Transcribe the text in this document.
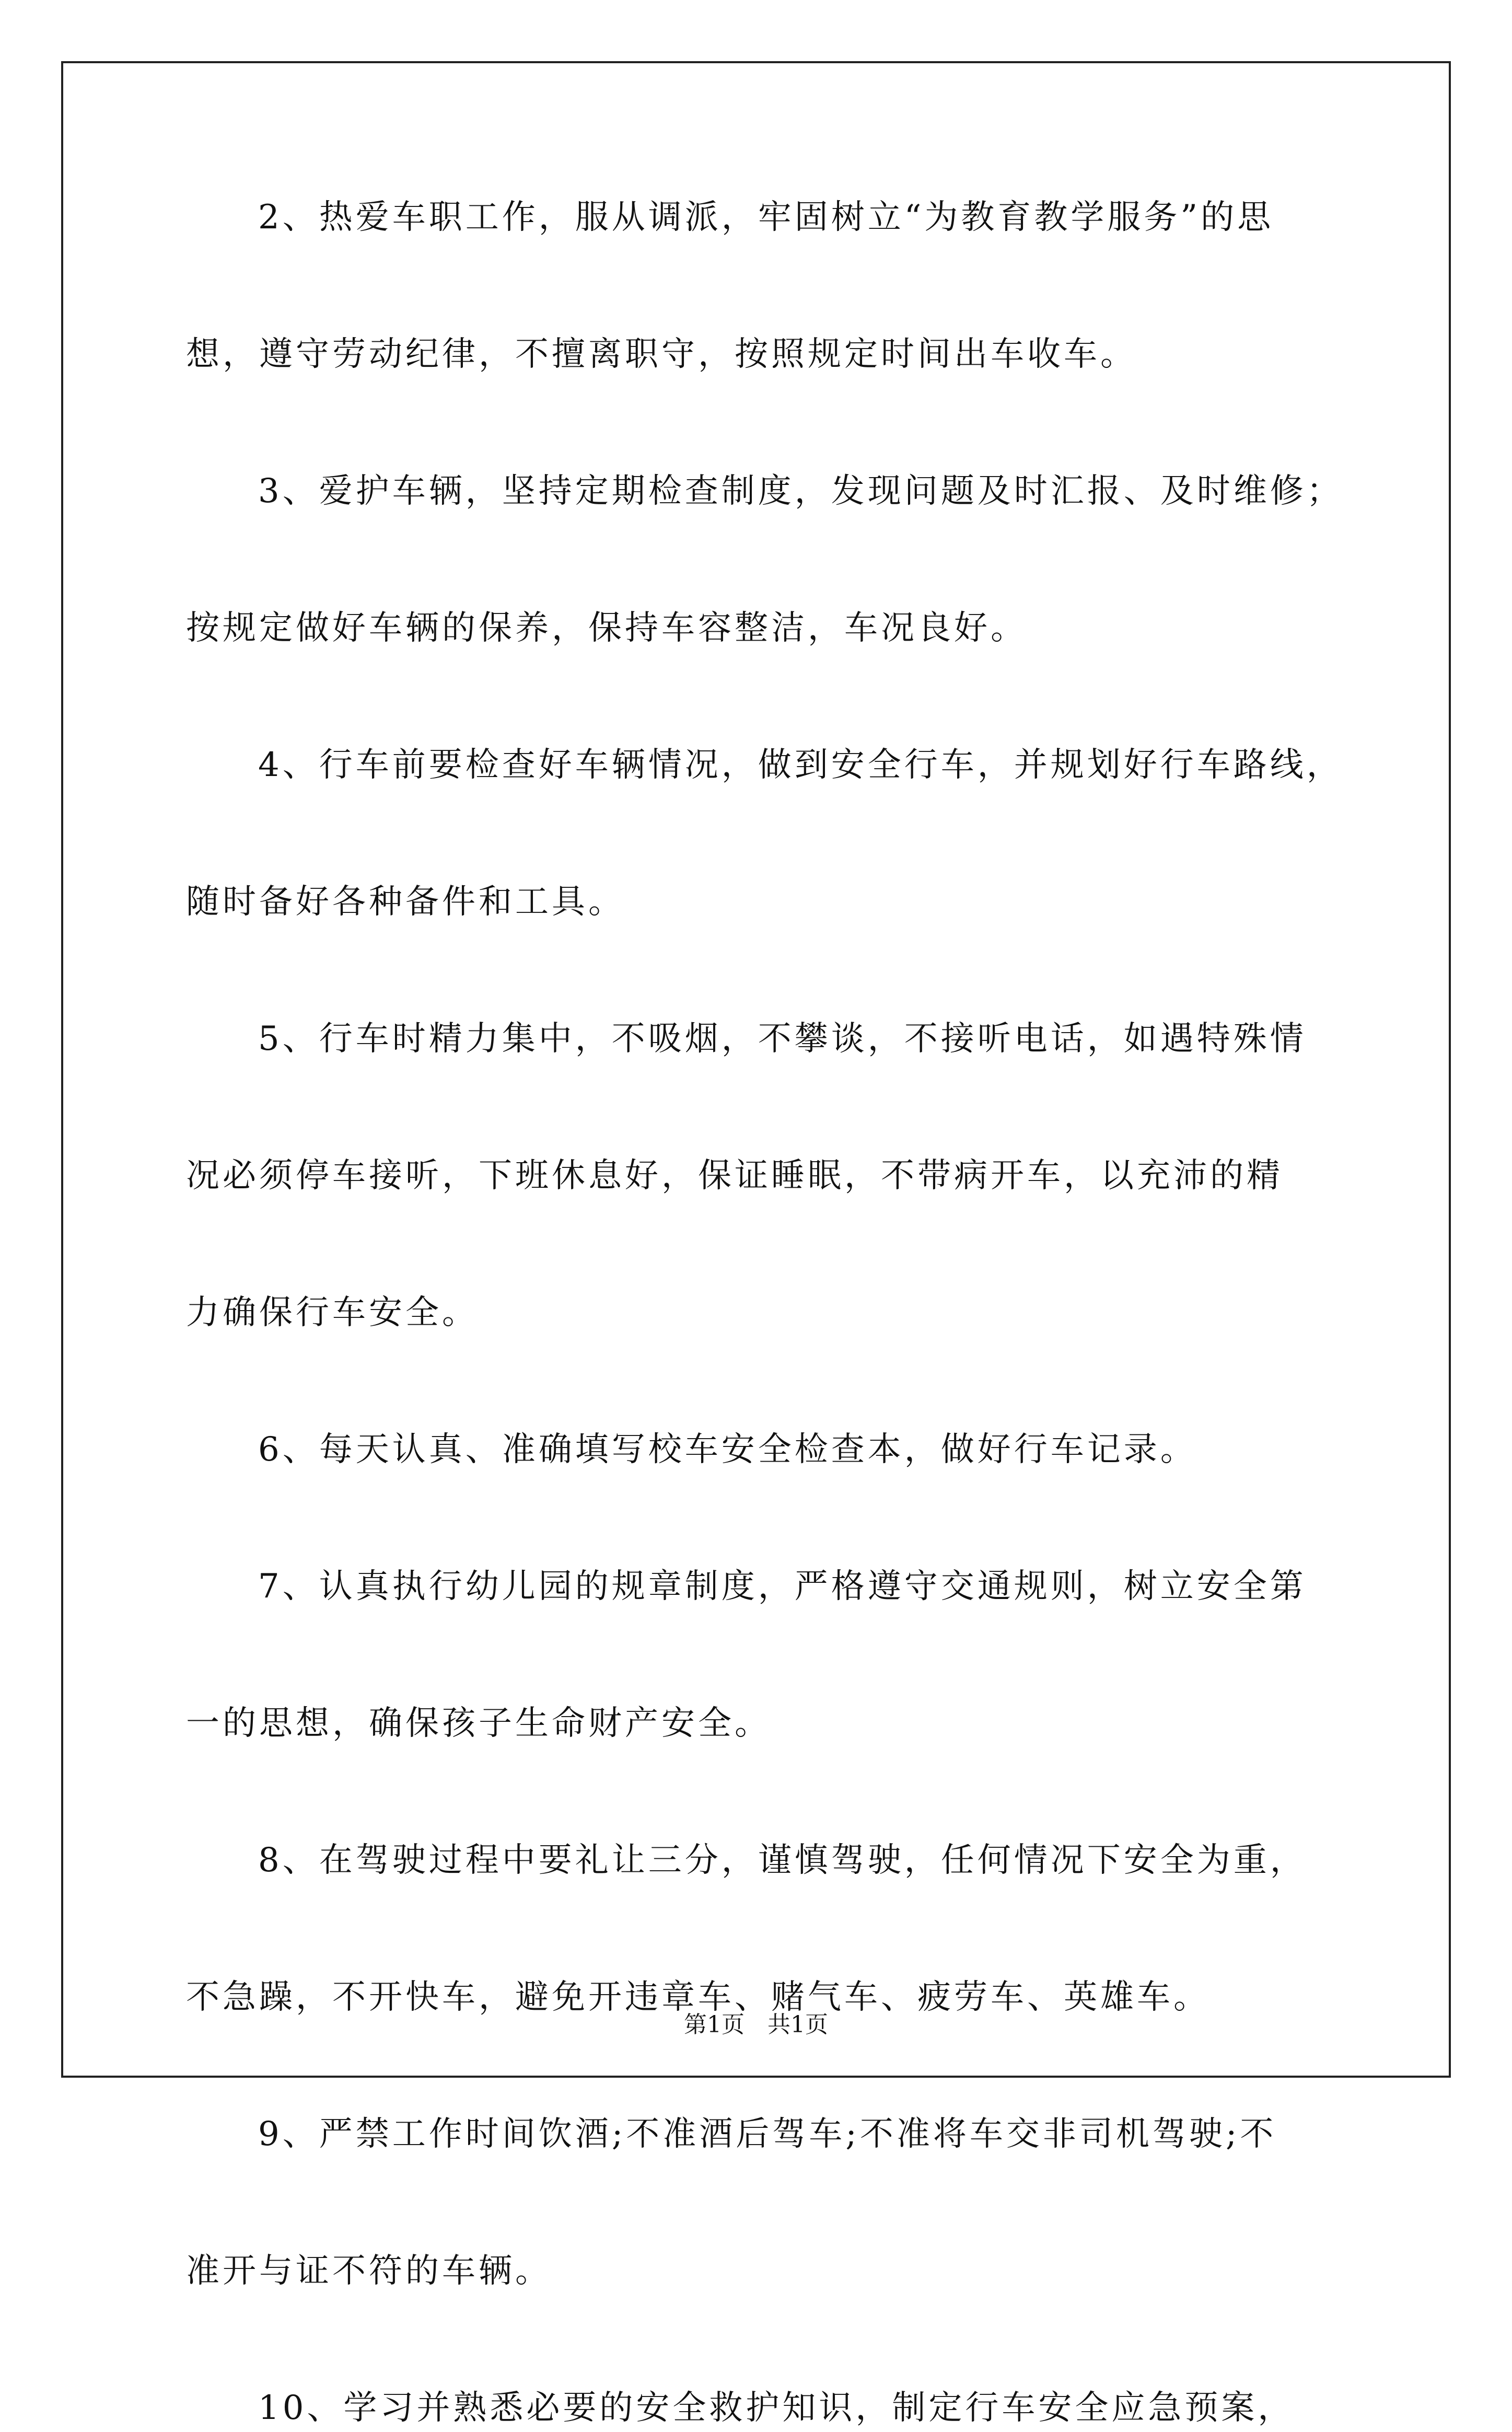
2、热爱车职工作，服从调派，牢固树立“为教育教学服务”的思
想，遵守劳动纪律，不擅离职守，按照规定时间出车收车。
3、爱护车辆，坚持定期检查制度，发现问题及时汇报、及时维修；
按规定做好车辆的保养，保持车容整洁，车况良好。
4、行车前要检查好车辆情况，做到安全行车，并规划好行车路线，
随时备好各种备件和工具。
5、行车时精力集中，不吸烟，不攀谈，不接听电话，如遇特殊情
况必须停车接听，下班休息好，保证睡眠，不带病开车，以充沛的精
力确保行车安全。
6、每天认真、准确填写校车安全检查本，做好行车记录。
7、认真执行幼儿园的规章制度，严格遵守交通规则，树立安全第
一的思想，确保孩子生命财产安全。
8、在驾驶过程中要礼让三分，谨慎驾驶，任何情况下安全为重，
不急躁，不开快车，避免开违章车、赌气车、疲劳车、英雄车。
9、严禁工作时间饮酒;不准酒后驾车;不准将车交非司机驾驶;不
准开与证不符的车辆。
10、学习并熟悉必要的安全救护知识，制定行车安全应急预案，
第1页　共1页
